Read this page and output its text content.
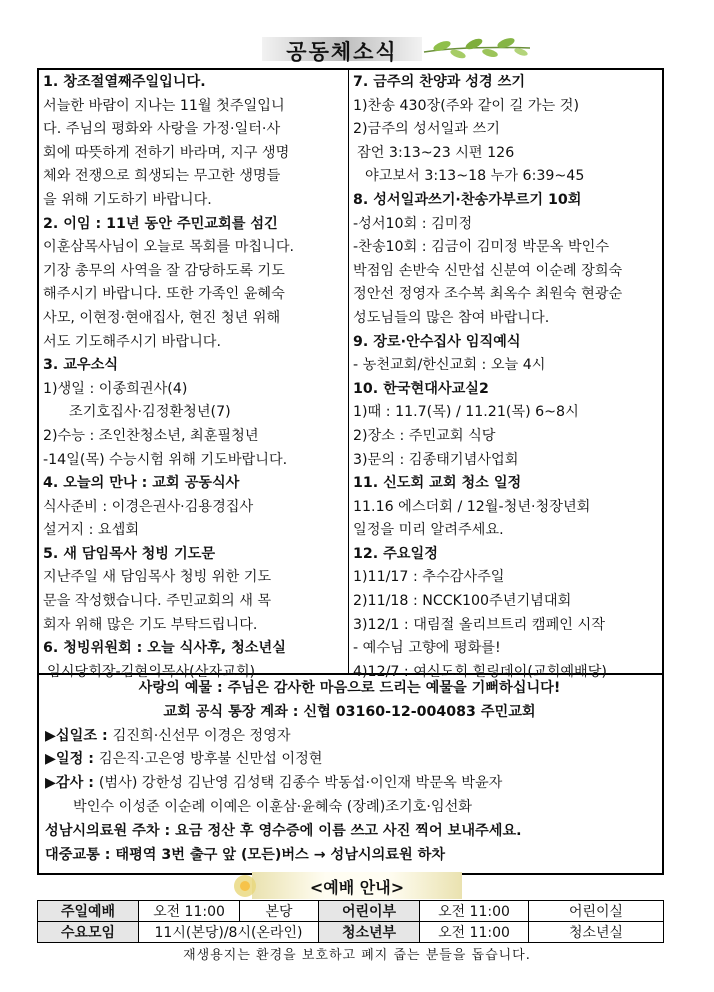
공동체소식
1. 창조절열째주일입니다.
서늘한 바람이 지나는 11월 첫주일입니
다. 주님의 평화와 사랑을 가정·일터·사
회에 따뜻하게 전하기 바라며, 지구 생명
체와 전쟁으로 희생되는 무고한 생명들
을 위해 기도하기 바랍니다.
2. 이임 : 11년 동안 주민교회를 섬긴
이훈삼목사님이 오늘로 목회를 마칩니다.
기장 총무의 사역을 잘 감당하도록 기도
해주시기 바랍니다. 또한 가족인 윤혜숙
사모, 이현정·현애집사, 현진 청년 위해
서도 기도해주시기 바랍니다.
3. 교우소식
1)생일 : 이종희권사(4)
조기호집사·김정환청년(7)
2)수능 : 조인찬청소년, 최훈필청년
-14일(목) 수능시험 위해 기도바랍니다.
4. 오늘의 만나 : 교회 공동식사
식사준비 : 이경은권사·김용경집사
설거지 : 요셉회
5. 새 담임목사 청빙 기도문
지난주일 새 담임목사 청빙 위한 기도
문을 작성했습니다. 주민교회의 새 목
회자 위해 많은 기도 부탁드립니다.
6. 청빙위원회 : 오늘 식사후, 청소년실
임시당회장-김현의목사(산자교회)
7. 금주의 찬양과 성경 쓰기
1)찬송 430장(주와 같이 길 가는 것)
2)금주의 성서일과 쓰기
잠언 3:13~23 시편 126
야고보서 3:13~18 누가 6:39~45
8. 성서일과쓰기·찬송가부르기 10회
-성서10회 : 김미정
-찬송10회 : 김금이 김미정 박문옥 박인수
박점임 손반숙 신만섭 신분여 이순례 장희숙
정안선 정영자 조수복 최옥수 최원숙 현광순
성도님들의 많은 참여 바랍니다.
9. 장로·안수집사 임직예식
- 농천교회/한신교회 : 오늘 4시
10. 한국현대사교실2
1)때 : 11.7(목) / 11.21(목) 6~8시
2)장소 : 주민교회 식당
3)문의 : 김종태기념사업회
11. 신도회 교회 청소 일정
11.16 에스더회 / 12월-청년·청장년회
일정을 미리 알려주세요.
12. 주요일정
1)11/17 : 추수감사주일
2)11/18 : NCCK100주년기념대회
3)12/1 : 대림절 올리브트리 캠페인 시작
- 예수님 고향에 평화를!
4)12/7 : 여신도회 힐링데이(교회예배당)
사랑의 예물 : 주님은 감사한 마음으로 드리는 예물을 기뻐하십니다!
교회 공식 통장 계좌 : 신협 03160-12-004083 주민교회
▶십일조 : 김진희·신선무 이경은 정영자
▶일정 : 김은직·고은영 방후불 신만섭 이정현
▶감사 : (범사) 강한성 김난영 김성택 김종수 박동섭·이인재 박문옥 박윤자
박인수 이성준 이순례 이예은 이훈삼·윤혜숙 (장례)조기호·임선화
성남시의료원 주차 : 요금 정산 후 영수증에 이름 쓰고 사진 찍어 보내주세요.
대중교통 : 태평역 3번 출구 앞 (모든)버스 → 성남시의료원 하차
<예배 안내>
주일예배	오전 11:00	본당	어린이부	오전 11:00	어린이실
수요모임	11시(본당)/8시(온라인)		청소년부	오전 11:00	청소년실
재생용지는 환경을 보호하고 폐지 줍는 분들을 돕습니다.
